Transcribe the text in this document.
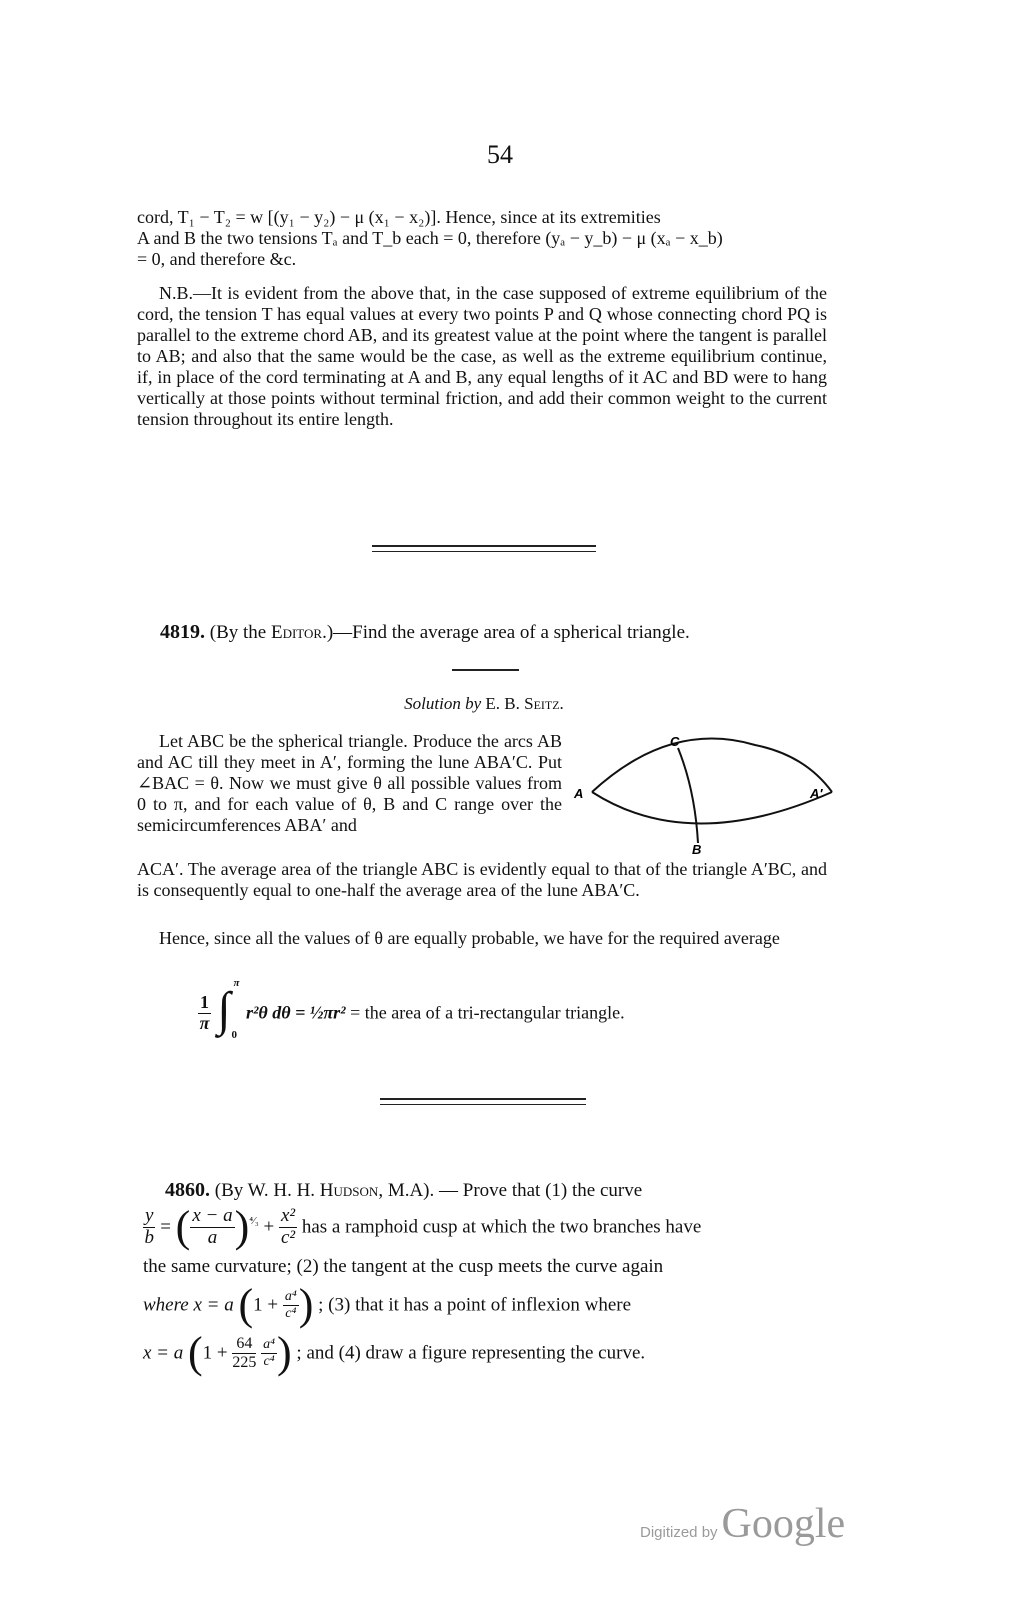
54
cord, T₁ − T₂ = w [(y₁ − y₂) − μ (x₁ − x₂)]. Hence, since at its extremities
A and B the two tensions Tₐ and T_b each = 0, therefore (yₐ − y_b) − μ (xₐ − x_b)
= 0, and therefore &c.
N.B.—It is evident from the above that, in the case supposed of extreme equilibrium of the cord, the tension T has equal values at every two points P and Q whose connecting chord PQ is parallel to the extreme chord AB, and its greatest value at the point where the tangent is parallel to AB; and also that the same would be the case, as well as the extreme equilibrium continue, if, in place of the cord terminating at A and B, any equal lengths of it AC and BD were to hang vertically at those points without terminal friction, and add their common weight to the current tension throughout its entire length.
4819. (By the Editor.)—Find the average area of a spherical triangle.
Solution by E. B. Seitz.
Let ABC be the spherical triangle. Produce the arcs AB and AC till they meet in A′, forming the lune ABA′C. Put ∠BAC = θ. Now we must give θ all possible values from 0 to π, and for each value of θ, B and C range over the semicircumferences ABA′ and
A
C
B
A′
ACA′. The average area of the triangle ABC is evidently equal to that of the triangle A′BC, and is consequently equal to one-half the average area of the lune ABA′C.
Hence, since all the values of θ are equally probable, we have for the required average
$\frac{1}{\pi}$
∫ π
0
r²θ dθ = ½πr² = the area of a tri-rectangular triangle.
4860. (By W. H. H. Hudson, M.A). — Prove that (1) the curve
$\frac{y}{b}$ = ( $\frac{x - a}{a} )^{^4⁄_3} + \frac{\text{x²}}{\text{c²}}$ has a ramphoid cusp at which the two branches have
the same curvature; (2) the tangent at the cusp meets the curve again
where x = a ($1 + \frac{\text{a⁴}}{\text{c⁴}}$ ) ; (3) that it has a point of inflexion where
x = a ($1 + \frac{64}{225}$
$\frac{\text{a⁴}}{\text{c⁴}}$ ) ; and (4) draw a figure representing the curve.
Digitized by Google
